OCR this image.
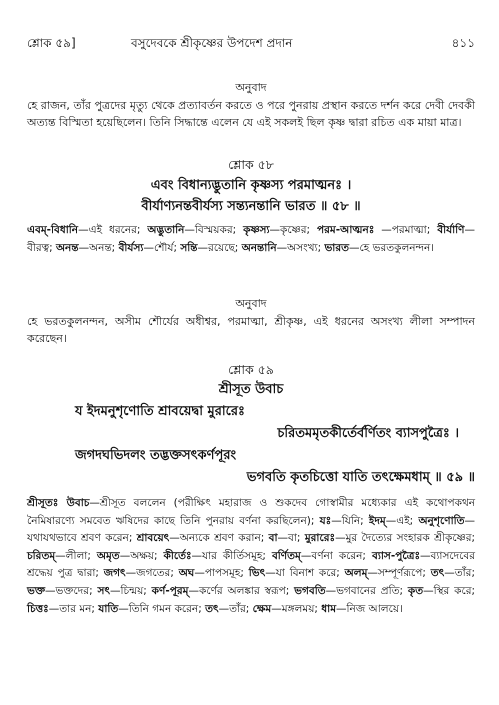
শ্লোক ৫৯]	বসুদেবকে শ্রীকৃষ্ণের উপদেশ প্রদান	৪১১
অনুবাদ
হে রাজন, তাঁর পুত্রদের মৃত্যু থেকে প্রত্যাবর্তন করতে ও পরে পুনরায় প্রস্থান করতে দর্শন করে দেবী দেবকী অত্যন্ত বিস্মিতা হয়েছিলেন। তিনি সিদ্ধান্তে এলেন যে এই সকলই ছিল কৃষ্ণ দ্বারা রচিত এক মায়া মাত্র।
শ্লোক ৫৮
এবং বিধান্যদ্ভুতানি কৃষ্ণস্য পরমাত্মনঃ ।
বীর্যাণ্যনন্তবীর্যস্য সন্ত্যনন্তানি ভারত ॥ ৫৮ ॥
এবম্‌-বিধানি—এই ধরনের; অদ্ভুতানি—বিস্ময়কর; কৃষ্ণস্য—কৃষ্ণের; পরম-আত্মনঃ —পরমাত্মা; বীর্যাণি—বীরত্ব; অনন্ত—অনন্ত; বীর্যস্য—শৌর্য; সন্তি—রয়েছে; অনন্তানি—অসংখ্য; ভারত—হে ভরতকুলনন্দন।
অনুবাদ
হে ভরতকুলনন্দন, অসীম শৌর্যের অধীশ্বর, পরমাত্মা, শ্রীকৃষ্ণ, এই ধরনের অসংখ্য লীলা সম্পাদন করেছেন।
শ্লোক ৫৯
শ্রীসূত উবাচ
য ইদমনুশৃণোতি শ্রাবয়েদ্বা মুরারেঃ
চরিতমমৃতকীর্তের্বর্ণিতং ব্যাসপুত্রৈঃ ।
জগদঘভিদলং তদ্ভক্তসৎকর্ণপূরং
ভগবতি কৃতচিত্তো যাতি তৎক্ষেমধাম্ ॥ ৫৯ ॥
শ্রীসূতঃ উবাচ—শ্রীসূত বললেন (পরীক্ষিৎ মহারাজ ও শুকদেব গোস্বামীর মধ্যেকার এই কথোপকথন নৈমিষারণ্যে সমবেত ঋষিদের কাছে তিনি পুনরায় বর্ণনা করছিলেন); যঃ—যিনি; ইদম্—এই; অনুশৃণোতি—যথাযথভাবে শ্রবণ করেন; শ্রাবয়েৎ—অন্যকে শ্রবণ করান; বা—বা; মুরারেঃ—মুর দৈত্যের সংহারক শ্রীকৃষ্ণের; চরিতম্—লীলা; অমৃত—অক্ষয়; কীর্তেঃ—যার কীর্তিসমূহ; বর্ণিতম্—বর্ণনা করেন; ব্যাস-পুত্রৈঃ—ব্যাসদেবের শ্রদ্ধেয় পুত্র দ্বারা; জগৎ—জগতের; অঘ—পাপসমূহ; ভিৎ—যা বিনাশ করে; অলম্—সম্পূর্ণরূপে; তৎ—তাঁর; ভক্ত—ভক্তদের; সৎ—চিন্ময়; কর্ণ-পূরম্—কর্ণের অলঙ্কার স্বরূপ; ভগবতি—ভগবানের প্রতি; কৃত—স্থির করে; চিত্তঃ—তার মন; যাতি—তিনি গমন করেন; তৎ—তাঁর; ক্ষেম—মঙ্গলময়; ধাম—নিজ আলয়ে।
